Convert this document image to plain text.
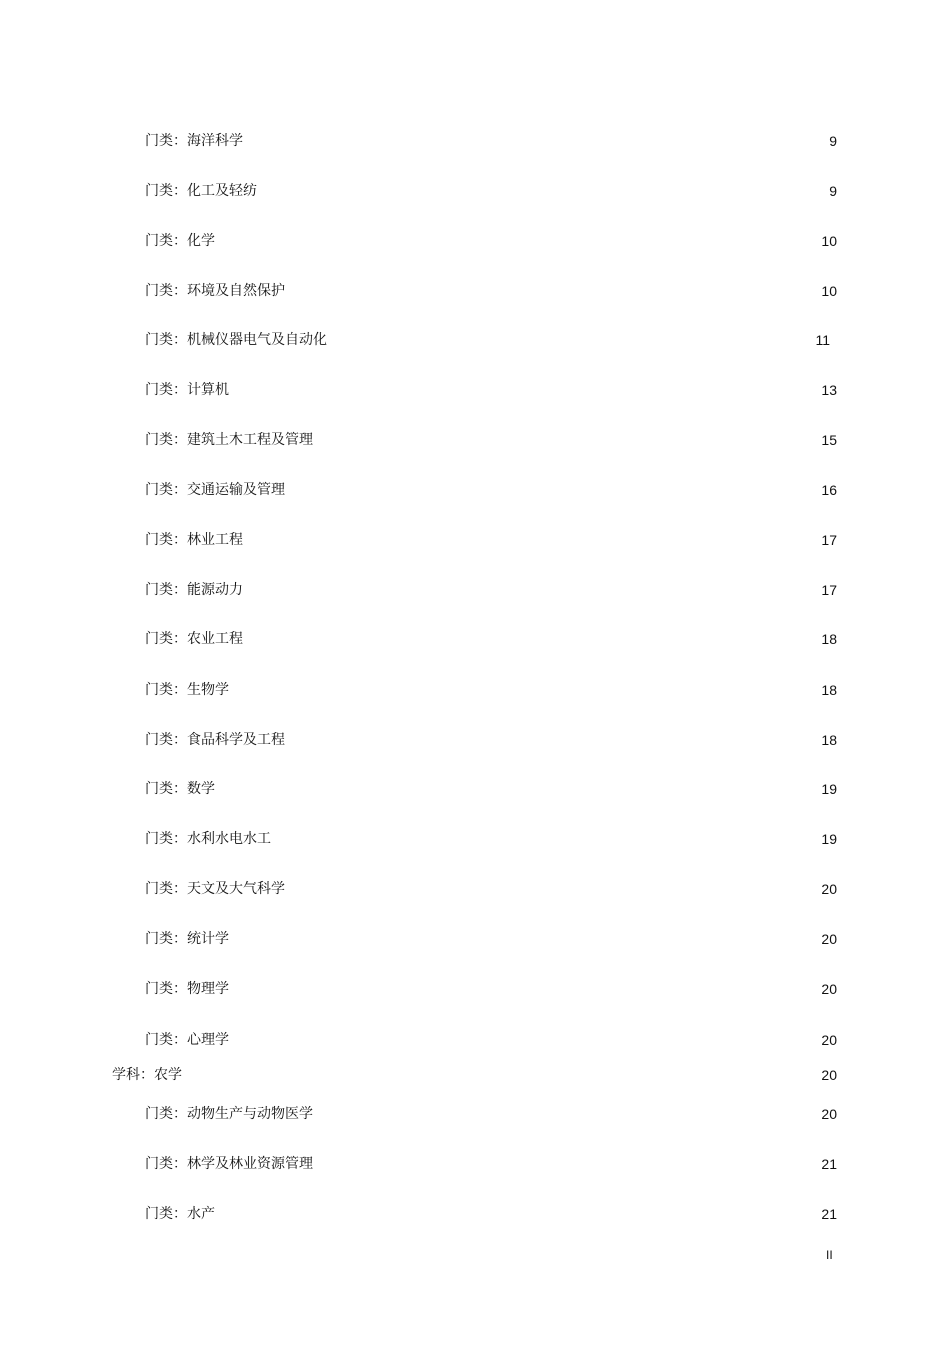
门类：海洋科学	9
门类：化工及轻纺	9
门类：化学	10
门类：环境及自然保护	10
门类：机械仪器电气及自动化	11
门类：计算机	13
门类：建筑土木工程及管理	15
门类：交通运输及管理	16
门类：林业工程	17
门类：能源动力	17
门类：农业工程	18
门类：生物学	18
门类：食品科学及工程	18
门类：数学	19
门类：水利水电水工	19
门类：天文及大气科学	20
门类：统计学	20
门类：物理学	20
门类：心理学	20
学科：农学	20
门类：动物生产与动物医学	20
门类：林学及林业资源管理	21
门类：水产	21
II
